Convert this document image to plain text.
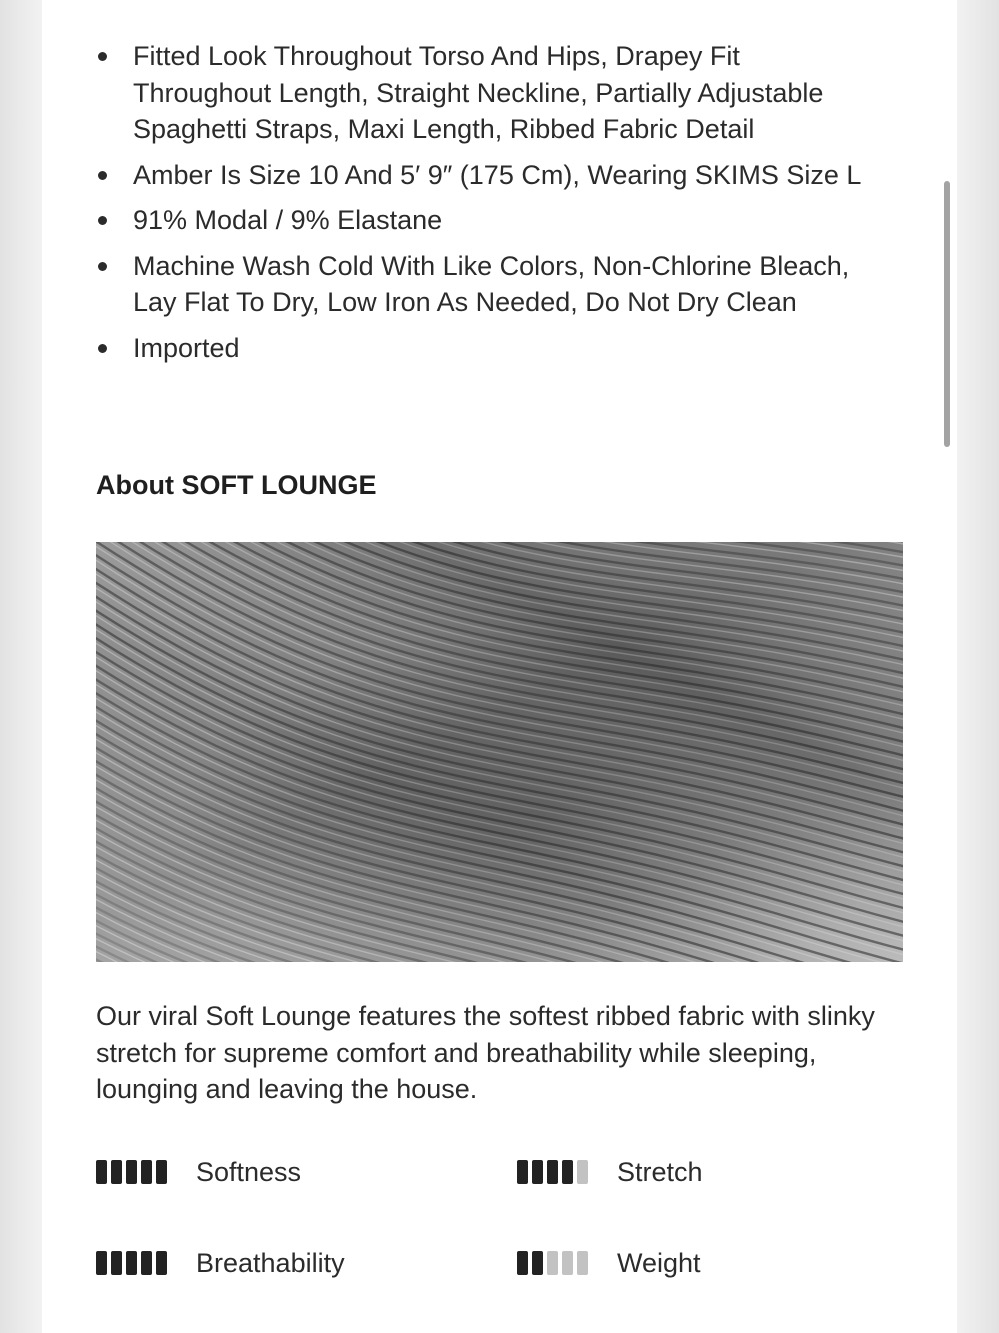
Fitted Look Throughout Torso And Hips, Drapey Fit
Throughout Length, Straight Neckline, Partially Adjustable
Spaghetti Straps, Maxi Length, Ribbed Fabric Detail
Amber Is Size 10 And 5′ 9″ (175 Cm), Wearing SKIMS Size L
91% Modal / 9% Elastane
Machine Wash Cold With Like Colors, Non-Chlorine Bleach,
Lay Flat To Dry, Low Iron As Needed, Do Not Dry Clean
Imported
About SOFT LOUNGE

Our viral Soft Lounge features the softest ribbed fabric with slinky stretch for supreme comfort and breathability while sleeping, lounging and leaving the house.

Softness	Stretch
Breathability	Weight
